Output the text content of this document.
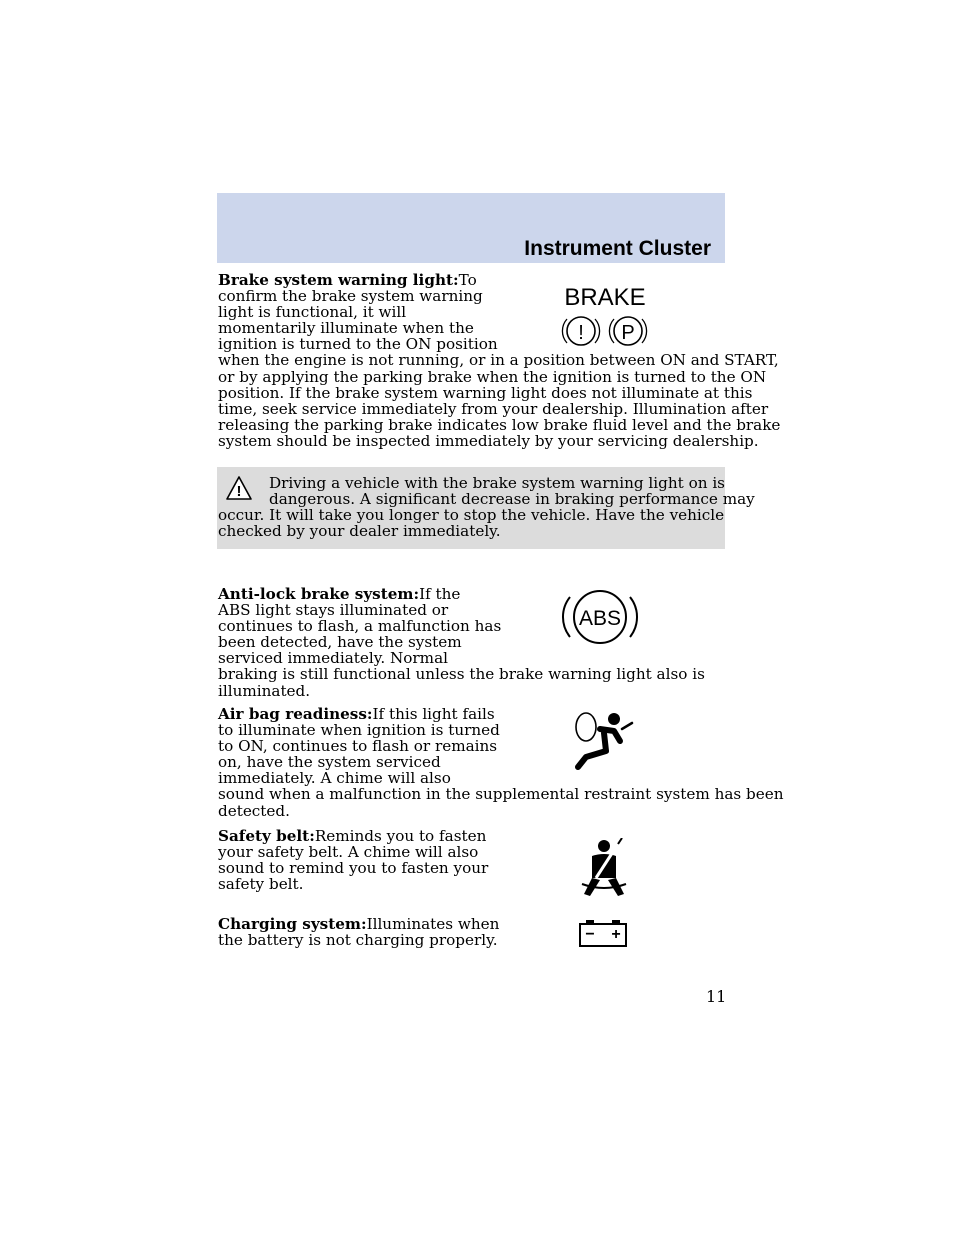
Instrument Cluster
Brake system warning light:To
confirm the brake system warning
light is functional, it will
momentarily illuminate when the
ignition is turned to the ON position
when the engine is not running, or in a position between ON and START,
or by applying the parking brake when the ignition is turned to the ON
position. If the brake system warning light does not illuminate at this
time, seek service immediately from your dealership. Illumination after
releasing the parking brake indicates low brake fluid level and the brake
system should be inspected immediately by your servicing dealership.
BRAKE
! P
!	Driving a vehicle with the brake system warning light on is
dangerous. A significant decrease in braking performance may
occur. It will take you longer to stop the vehicle. Have the vehicle
checked by your dealer immediately.
Anti-lock brake system:If the
ABS light stays illuminated or
continues to flash, a malfunction has
been detected, have the system
serviced immediately. Normal
braking is still functional unless the brake warning light also is
illuminated.
ABS
Air bag readiness:If this light fails
to illuminate when ignition is turned
to ON, continues to flash or remains
on, have the system serviced
immediately. A chime will also
sound when a malfunction in the supplemental restraint system has been
detected.
Safety belt:Reminds you to fasten
your safety belt. A chime will also
sound to remind you to fasten your
safety belt.
Charging system:Illuminates when
the battery is not charging properly.	− +
11
